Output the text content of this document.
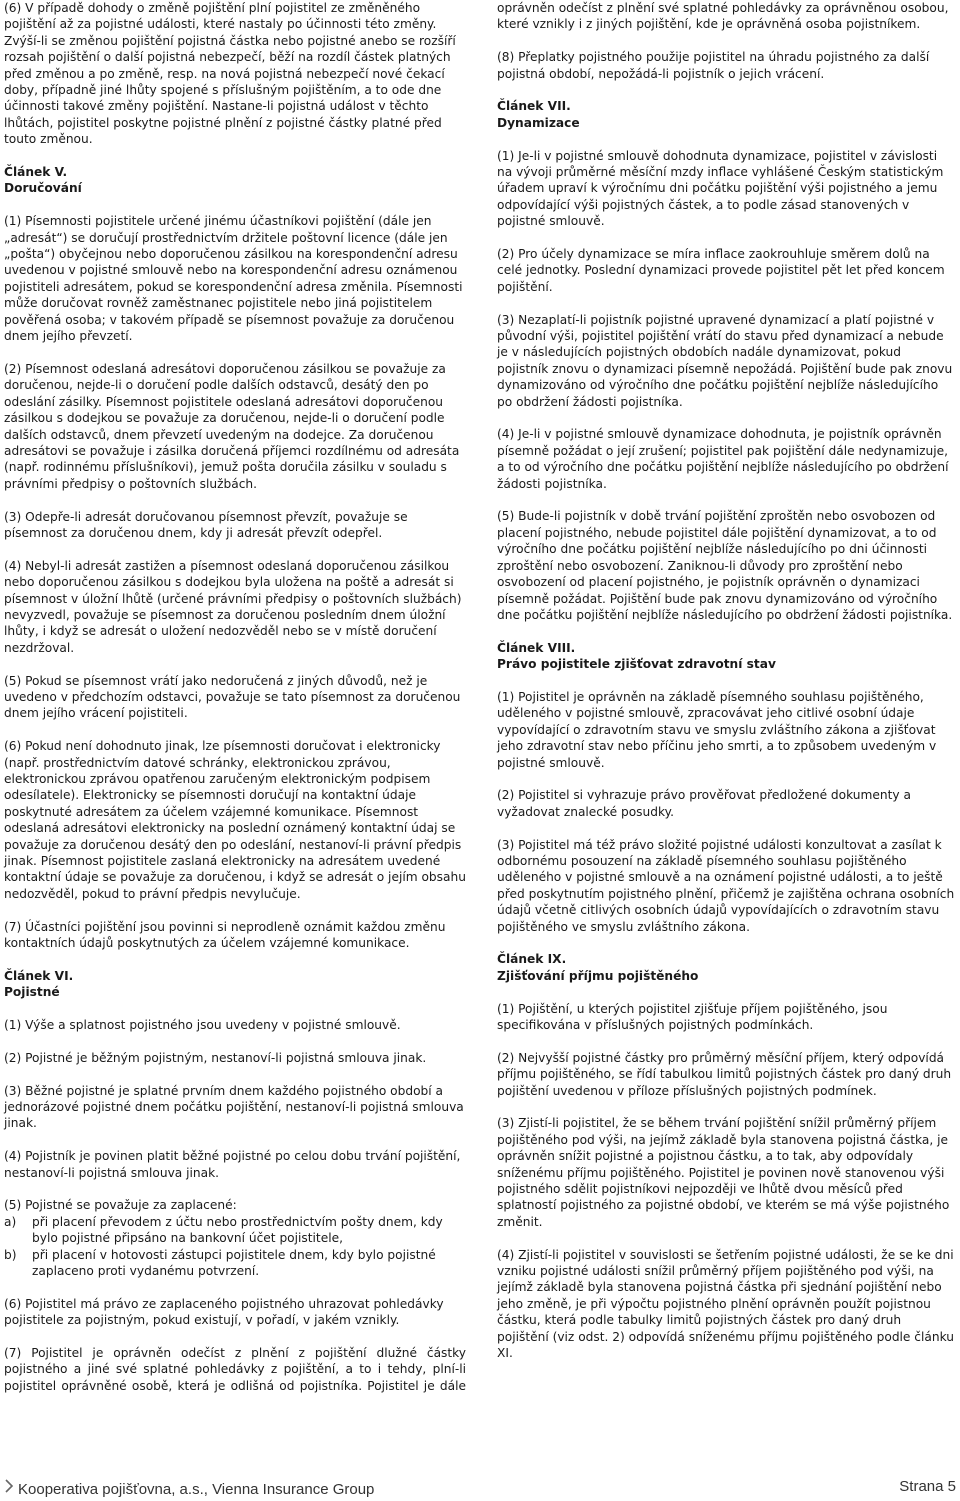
(6) V případě dohody o změně pojištění plní pojistitel ze změněného pojištění až za pojistné události, které nastaly po účinnosti této změny. Zvýší-li se změnou pojištění pojistná částka nebo pojistné anebo se rozšíří rozsah pojištění o další pojistná nebezpečí, běží na rozdíl částek platných před změnou a po změně, resp. na nová pojistná nebezpečí nové čekací doby, případně jiné lhůty spojené s příslušným pojištěním, a to ode dne účinnosti takové změny pojištění. Nastane-li pojistná událost v těchto lhůtách, pojistitel poskytne pojistné plnění z pojistné částky platné před touto změnou.

Článek V.
Doručování

(1) Písemnosti pojistitele určené jinému účastníkovi pojištění (dále jen „adresát“) se doručují prostřednictvím držitele poštovní licence (dále jen „pošta“) obyčejnou nebo doporučenou zásilkou na korespondenční adresu uvedenou v pojistné smlouvě nebo na korespondenční adresu oznámenou pojistiteli adresátem, pokud se korespondenční adresa změnila. Písemnosti může doručovat rovněž zaměstnanec pojistitele nebo jiná pojistitelem pověřená osoba; v takovém případě se písemnost považuje za doručenou dnem jejího převzetí.

(2) Písemnost odeslaná adresátovi doporučenou zásilkou se považuje za doručenou, nejde-li o doručení podle dalších odstavců, desátý den po odeslání zásilky. Písemnost pojistitele odeslaná adresátovi doporučenou zásilkou s dodejkou se považuje za doručenou, nejde-li o doručení podle dalších odstavců, dnem převzetí uvedeným na dodejce. Za doručenou adresátovi se považuje i zásilka doručená příjemci rozdílnému od adresáta (např. rodinnému příslušníkovi), jemuž pošta doručila zásilku v souladu s právními předpisy o poštovních službách.

(3) Odepře-li adresát doručovanou písemnost převzít, považuje se písemnost za doručenou dnem, kdy ji adresát převzít odepřel.

(4) Nebyl-li adresát zastižen a písemnost odeslaná doporučenou zásilkou nebo doporučenou zásilkou s dodejkou byla uložena na poště a adresát si písemnost v úložní lhůtě (určené právními předpisy o poštovních službách) nevyzvedl, považuje se písemnost za doručenou posledním dnem úložní lhůty, i když se adresát o uložení nedozvěděl nebo se v místě doručení nezdržoval.

(5) Pokud se písemnost vrátí jako nedoručená z jiných důvodů, než je uvedeno v předchozím odstavci, považuje se tato písemnost za doručenou dnem jejího vrácení pojistiteli.

(6) Pokud není dohodnuto jinak, lze písemnosti doručovat i elektronicky (např. prostřednictvím datové schránky, elektronickou zprávou, elektronickou zprávou opatřenou zaručeným elektronickým podpisem odesílatele). Elektronicky se písemnosti doručují na kontaktní údaje poskytnuté adresátem za účelem vzájemné komunikace. Písemnost odeslaná adresátovi elektronicky na poslední oznámený kontaktní údaj se považuje za doručenou desátý den po odeslání, nestanoví-li právní předpis jinak. Písemnost pojistitele zaslaná elektronicky na adresátem uvedené kontaktní údaje se považuje za doručenou, i když se adresát o jejím obsahu nedozvěděl, pokud to právní předpis nevylučuje.

(7) Účastníci pojištění jsou povinni si neprodleně oznámit každou změnu kontaktních údajů poskytnutých za účelem vzájemné komunikace.

Článek VI.
Pojistné

(1) Výše a splatnost pojistného jsou uvedeny v pojistné smlouvě.

(2) Pojistné je běžným pojistným, nestanoví-li pojistná smlouva jinak.

(3) Běžné pojistné je splatné prvním dnem každého pojistného období a jednorázové pojistné dnem počátku pojištění, nestanoví-li pojistná smlouva jinak.

(4) Pojistník je povinen platit běžné pojistné po celou dobu trvání pojištění, nestanoví-li pojistná smlouva jinak.

(5) Pojistné se považuje za zaplacené:
a)	při placení převodem z účtu nebo prostřednictvím pošty dnem, kdy bylo pojistné připsáno na bankovní účet pojistitele,
b)	při placení v hotovosti zástupci pojistitele dnem, kdy bylo pojistné zaplaceno proti vydanému potvrzení.

(6) Pojistitel má právo ze zaplaceného pojistného uhrazovat pohledávky pojistitele za pojistným, pokud existují, v pořadí, v jakém vznikly.

(7) Pojistitel je oprávněn odečíst z plnění z pojištění dlužné částky pojistného a jiné své splatné pohledávky z pojištění, a to i tehdy, plní-li pojistitel oprávněné osobě, která je odlišná od pojistníka. Pojistitel je dále

oprávněn odečíst z plnění své splatné pohledávky za oprávněnou osobou, které vznikly i z jiných pojištění, kde je oprávněná osoba pojistníkem.

(8) Přeplatky pojistného použije pojistitel na úhradu pojistného za další pojistná období, nepožádá-li pojistník o jejich vrácení.

Článek VII.
Dynamizace

(1) Je-li v pojistné smlouvě dohodnuta dynamizace, pojistitel v závislosti na vývoji průměrné měsíční mzdy inflace vyhlášené Českým statistickým úřadem upraví k výročnímu dni počátku pojištění výši pojistného a jemu odpovídající výši pojistných částek, a to podle zásad stanovených v pojistné smlouvě.

(2) Pro účely dynamizace se míra inflace zaokrouhluje směrem dolů na celé jednotky. Poslední dynamizaci provede pojistitel pět let před koncem pojištění.

(3) Nezaplatí-li pojistník pojistné upravené dynamizací a platí pojistné v původní výši, pojistitel pojištění vrátí do stavu před dynamizací a nebude je v následujících pojistných obdobích nadále dynamizovat, pokud pojistník znovu o dynamizaci písemně nepožádá. Pojištění bude pak znovu dynamizováno od výročního dne počátku pojištění nejblíže následujícího po obdržení žádosti pojistníka.

(4) Je-li v pojistné smlouvě dynamizace dohodnuta, je pojistník oprávněn písemně požádat o její zrušení; pojistitel pak pojištění dále nedynamizuje, a to od výročního dne počátku pojištění nejblíže následujícího po obdržení žádosti pojistníka.

(5) Bude-li pojistník v době trvání pojištění zproštěn nebo osvobozen od placení pojistného, nebude pojistitel dále pojištění dynamizovat, a to od výročního dne počátku pojištění nejblíže následujícího po dni účinnosti zproštění nebo osvobození. Zaniknou-li důvody pro zproštění nebo osvobození od placení pojistného, je pojistník oprávněn o dynamizaci písemně požádat. Pojištění bude pak znovu dynamizováno od výročního dne počátku pojištění nejblíže následujícího po obdržení žádosti pojistníka.

Článek VIII.
Právo pojistitele zjišťovat zdravotní stav

(1) Pojistitel je oprávněn na základě písemného souhlasu pojištěného, uděleného v pojistné smlouvě, zpracovávat jeho citlivé osobní údaje vypovídající o zdravotním stavu ve smyslu zvláštního zákona a zjišťovat jeho zdravotní stav nebo příčinu jeho smrti, a to způsobem uvedeným v pojistné smlouvě.

(2) Pojistitel si vyhrazuje právo prověřovat předložené dokumenty a vyžadovat znalecké posudky.

(3) Pojistitel má též právo složité pojistné události konzultovat a zasílat k odbornému posouzení na základě písemného souhlasu pojištěného uděleného v pojistné smlouvě a na oznámení pojistné události, a to ještě před poskytnutím pojistného plnění, přičemž je zajištěna ochrana osobních údajů včetně citlivých osobních údajů vypovídajících o zdravotním stavu pojištěného ve smyslu zvláštního zákona.

Článek IX.
Zjišťování příjmu pojištěného

(1) Pojištění, u kterých pojistitel zjišťuje příjem pojištěného, jsou specifikována v příslušných pojistných podmínkách.

(2) Nejvyšší pojistné částky pro průměrný měsíční příjem, který odpovídá příjmu pojištěného, se řídí tabulkou limitů pojistných částek pro daný druh pojištění uvedenou v příloze příslušných pojistných podmínek.

(3) Zjistí-li pojistitel, že se během trvání pojištění snížil průměrný příjem pojištěného pod výši, na jejímž základě byla stanovena pojistná částka, je oprávněn snížit pojistné a pojistnou částku, a to tak, aby odpovídaly sníženému příjmu pojištěného. Pojistitel je povinen nově stanovenou výši pojistného sdělit pojistníkovi nejpozději ve lhůtě dvou měsíců před splatností pojistného za pojistné období, ve kterém se má výše pojistného změnit.

(4) Zjistí-li pojistitel v souvislosti se šetřením pojistné události, že se ke dni vzniku pojistné události snížil průměrný příjem pojištěného pod výši, na jejímž základě byla stanovena pojistná částka při sjednání pojištění nebo jeho změně, je při výpočtu pojistného plnění oprávněn použít pojistnou částku, která podle tabulky limitů pojistných částek pro daný druh pojištění (viz odst. 2) odpovídá sníženému příjmu pojištěného podle článku XI.

Kooperativa pojišťovna, a.s., Vienna Insurance Group	Strana 5
